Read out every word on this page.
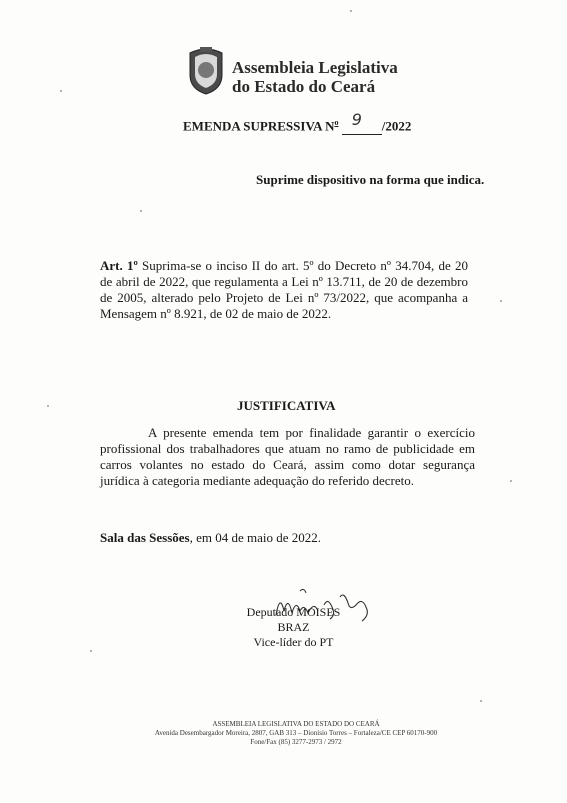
Assembleia Legislativa
do Estado do Ceará
EMENDA SUPRESSIVA $N^o$ 9 /2022
Suprime dispositivo na forma que indica.
Art. 1º Suprima-se o inciso II do art. 5º do Decreto nº 34.704, de 20 de abril de 2022, que regulamenta a Lei nº 13.711, de 20 de dezembro de 2005, alterado pelo Projeto de Lei nº 73/2022, que acompanha a Mensagem nº 8.921, de 02 de maio de 2022.
JUSTIFICATIVA
A presente emenda tem por finalidade garantir o exercício profissional dos trabalhadores que atuam no ramo de publicidade em carros volantes no estado do Ceará, assim como dotar segurança jurídica à categoria mediante adequação do referido decreto.
Sala das Sessões, em 04 de maio de 2022.
Deputado MOISES BRAZ
Vice-líder do PT
ASSEMBLEIA LEGISLATIVA DO ESTADO DO CEARÁ
Avenida Desembargador Moreira, 2807, GAB 313 – Dionísio Torres – Fortaleza/CE CEP 60170-900
Fone/Fax (85) 3277-2973 / 2972
